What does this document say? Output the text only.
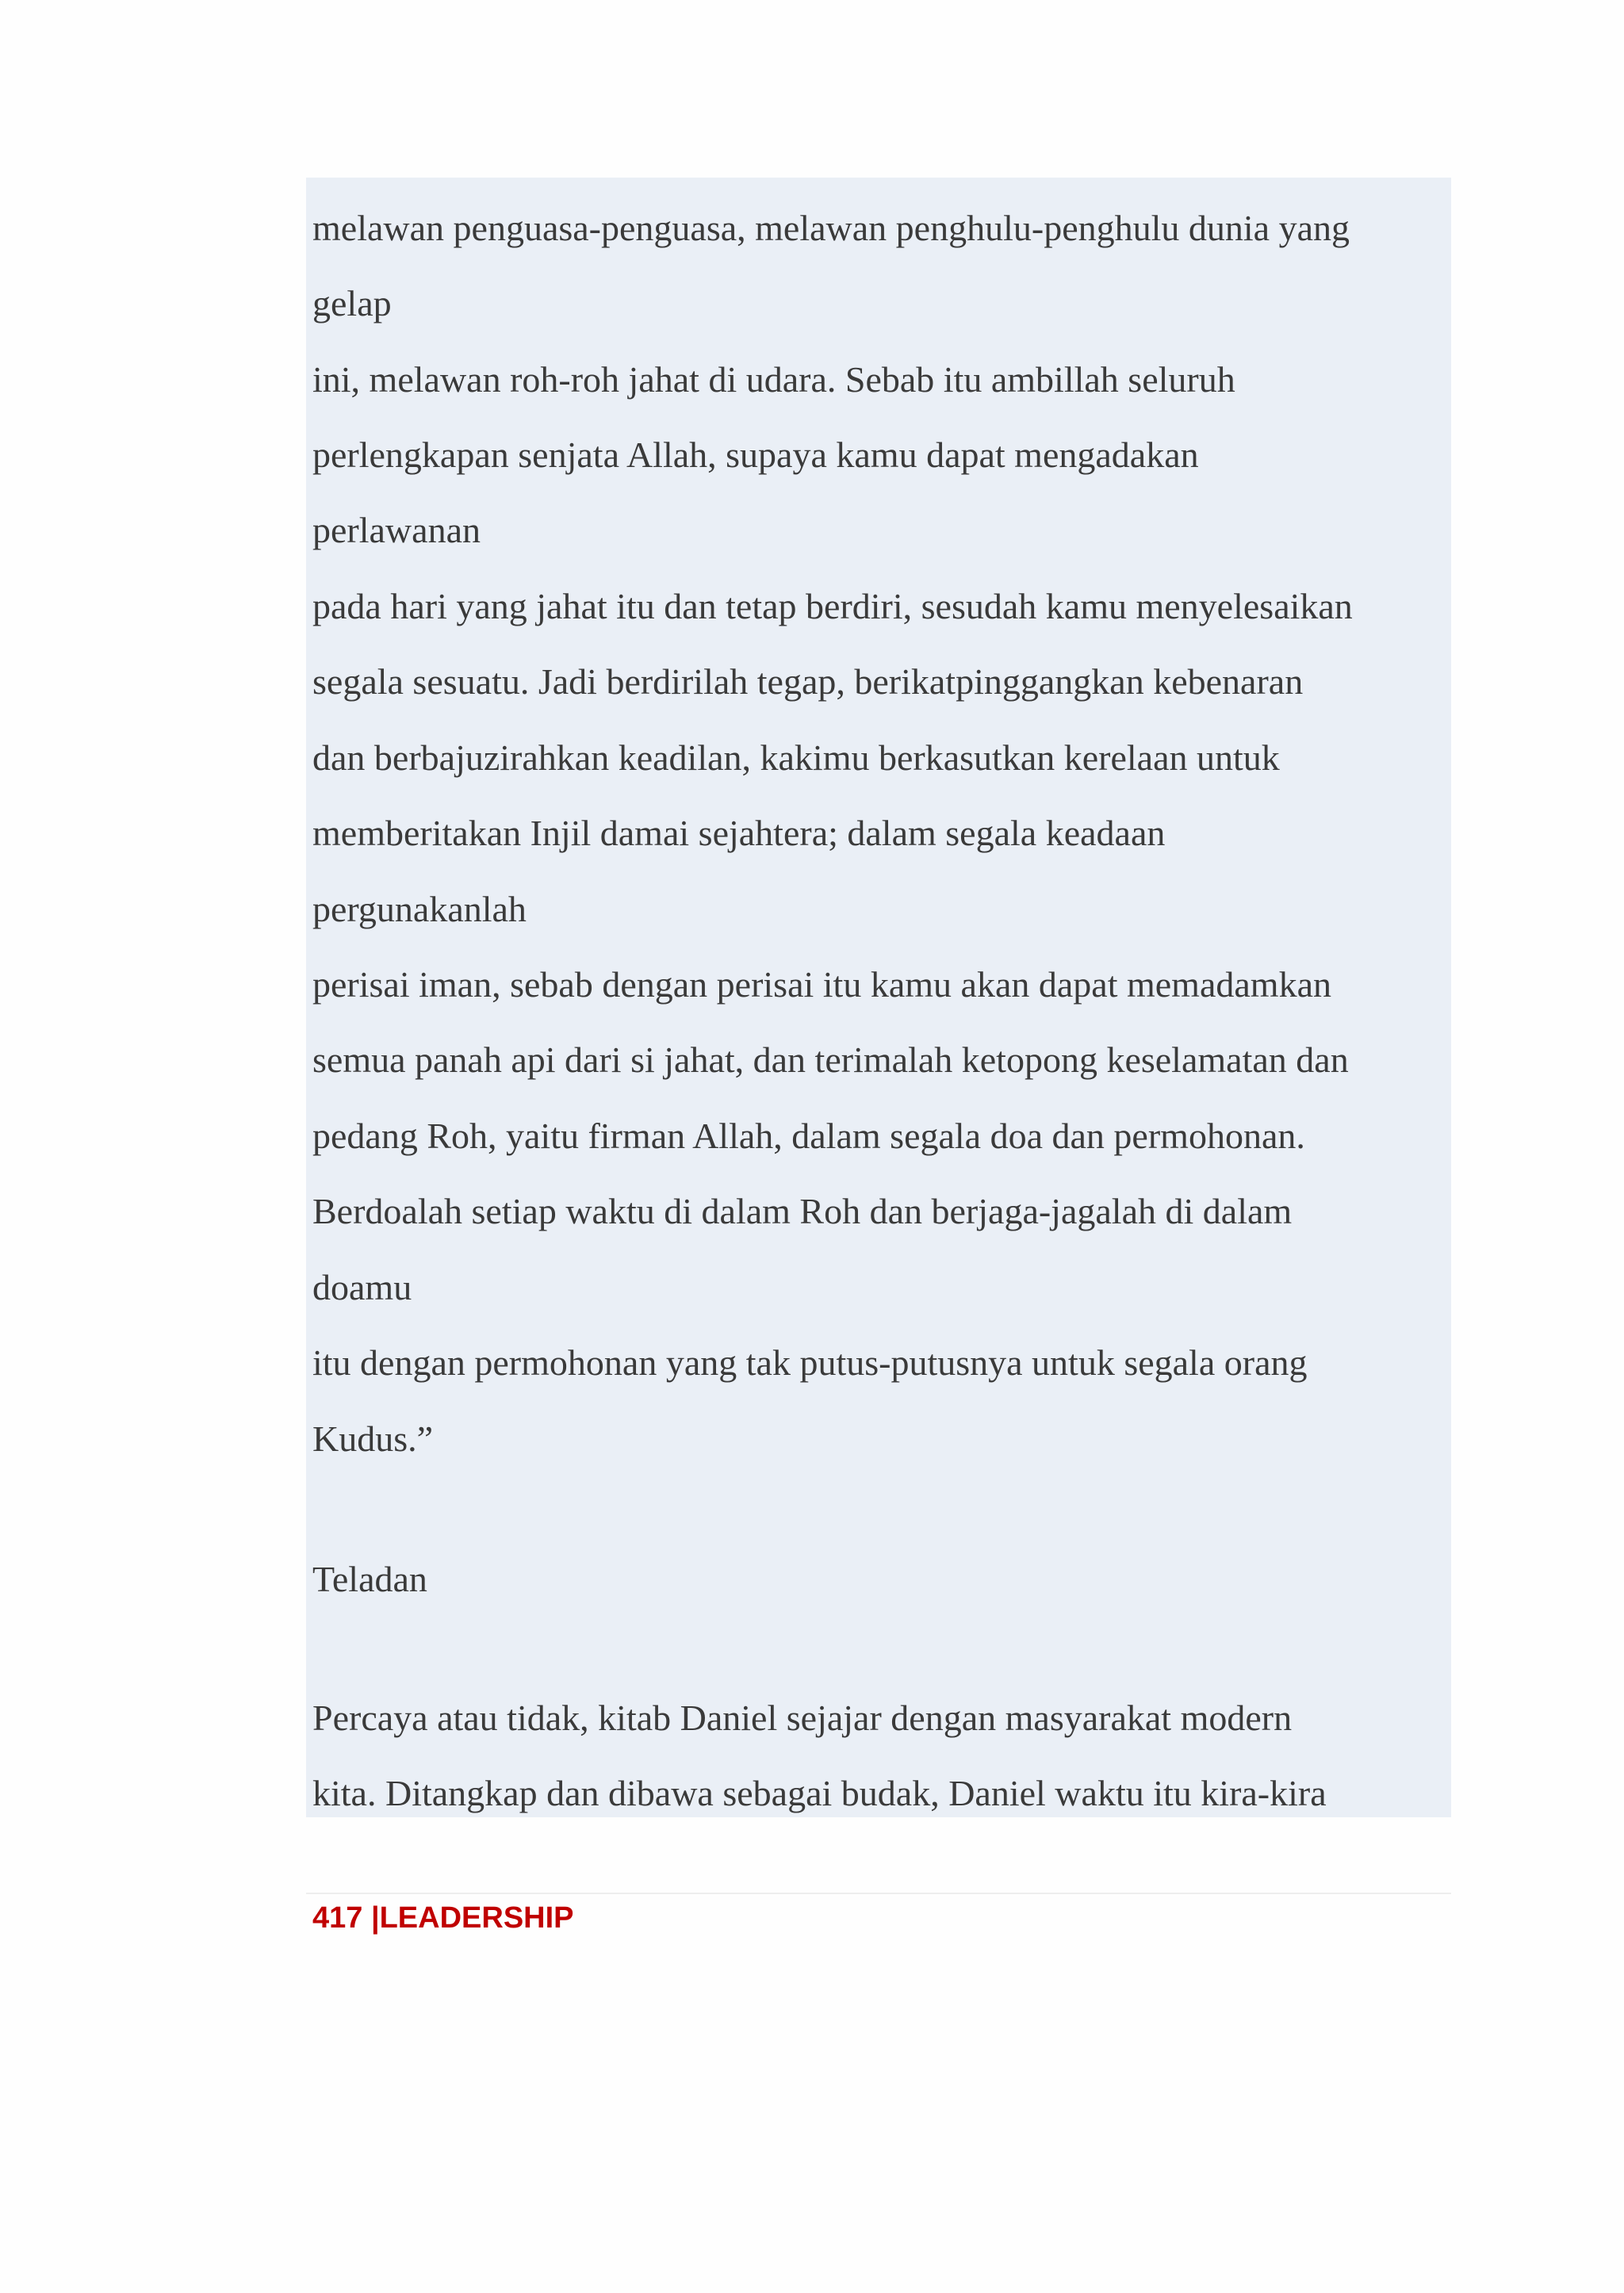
melawan penguasa-penguasa, melawan penghulu-penghulu dunia yang
gelap
ini, melawan roh-roh jahat di udara. Sebab itu ambillah seluruh
perlengkapan senjata Allah, supaya kamu dapat mengadakan
perlawanan
pada hari yang jahat itu dan tetap berdiri, sesudah kamu menyelesaikan
segala sesuatu. Jadi berdirilah tegap, berikatpinggangkan kebenaran
dan berbajuzirahkan keadilan, kakimu berkasutkan kerelaan untuk
memberitakan Injil damai sejahtera; dalam segala keadaan
pergunakanlah
perisai iman, sebab dengan perisai itu kamu akan dapat memadamkan
semua panah api dari si jahat, dan terimalah ketopong keselamatan dan
pedang Roh, yaitu firman Allah, dalam segala doa dan permohonan.
Berdoalah setiap waktu di dalam Roh dan berjaga-jagalah di dalam
doamu
itu dengan permohonan yang tak putus-putusnya untuk segala orang
Kudus.”
Teladan
Percaya atau tidak, kitab Daniel sejajar dengan masyarakat modern
kita. Ditangkap dan dibawa sebagai budak, Daniel waktu itu kira-kira
417 |LEADERSHIP
